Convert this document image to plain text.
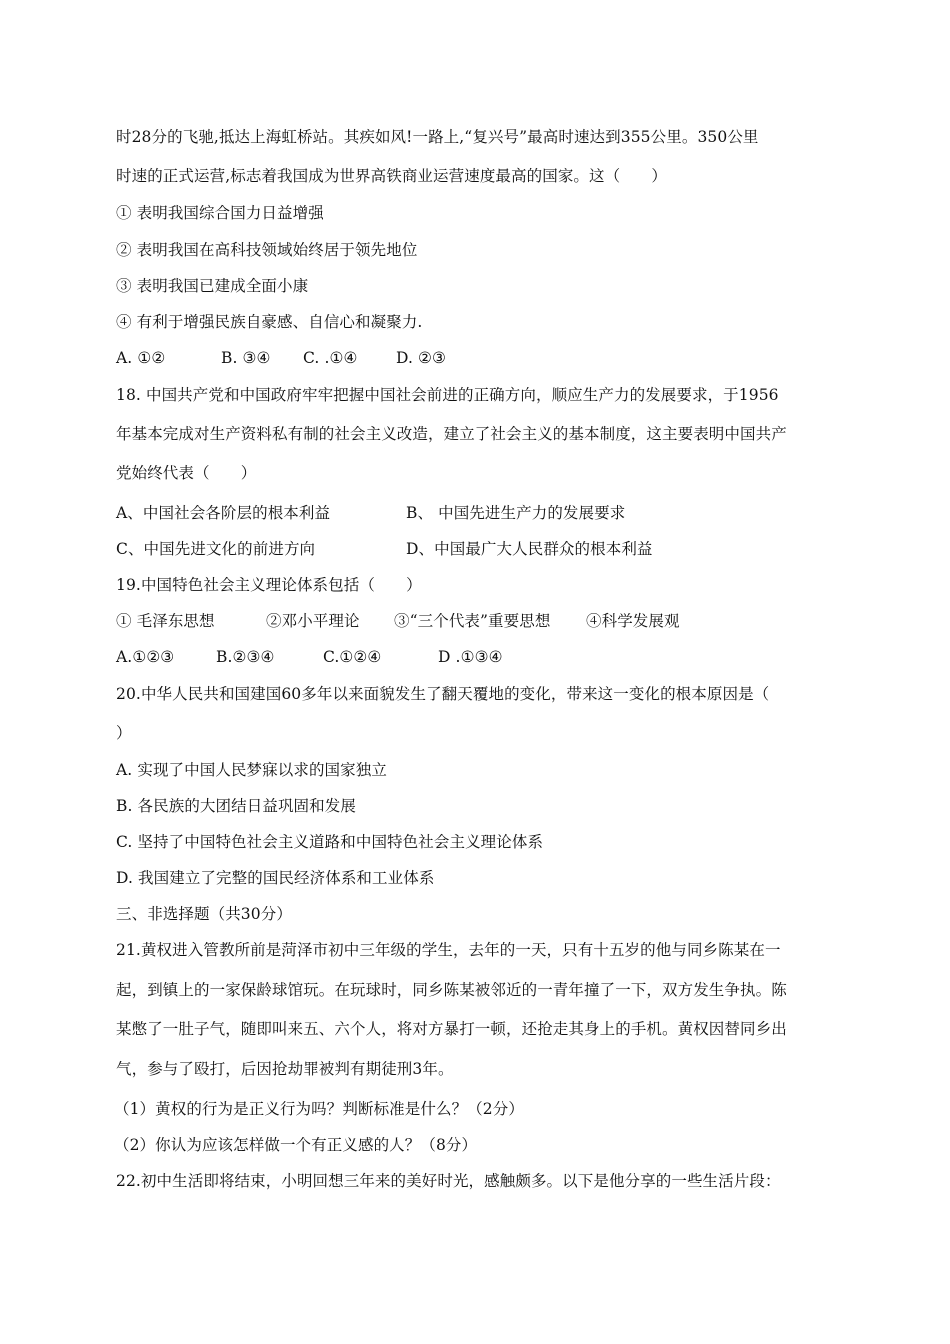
时28分的飞驰,抵达上海虹桥站。其疾如风!一路上,“复兴号”最高时速达到355公里。350公里
时速的正式运营,标志着我国成为世界高铁商业运营速度最高的国家。这（　　）
① 表明我国综合国力日益增强
② 表明我国在高科技领域始终居于领先地位
③ 表明我国已建成全面小康
④ 有利于增强民族自豪感、自信心和凝聚力.
A. ①②	B. ③④	C. .①④	D. ②③
18. 中国共产党和中国政府牢牢把握中国社会前进的正确方向，顺应生产力的发展要求，于1956
年基本完成对生产资料私有制的社会主义改造，建立了社会主义的基本制度，这主要表明中国共产
党始终代表（　　）
A、中国社会各阶层的根本利益	B、 中国先进生产力的发展要求
C、中国先进文化的前进方向	D、中国最广大人民群众的根本利益
19.中国特色社会主义理论体系包括（　　）
① 毛泽东思想	②邓小平理论	③“三个代表”重要思想	④科学发展观
A.①②③	B.②③④	C.①②④	D .①③④
20.中华人民共和国建国60多年以来面貌发生了翻天覆地的变化，带来这一变化的根本原因是（
）
A. 实现了中国人民梦寐以求的国家独立
B. 各民族的大团结日益巩固和发展
C. 坚持了中国特色社会主义道路和中国特色社会主义理论体系
D. 我国建立了完整的国民经济体系和工业体系
三、非选择题（共30分）
21.黄权进入管教所前是菏泽市初中三年级的学生，去年的一天，只有十五岁的他与同乡陈某在一
起，到镇上的一家保龄球馆玩。在玩球时，同乡陈某被邻近的一青年撞了一下，双方发生争执。陈
某憋了一肚子气，随即叫来五、六个人，将对方暴打一顿，还抢走其身上的手机。黄权因替同乡出
气，参与了殴打，后因抢劫罪被判有期徒刑3年。
（1）黄权的行为是正义行为吗？判断标准是什么？（2分）
（2）你认为应该怎样做一个有正义感的人？（8分）
22.初中生活即将结束，小明回想三年来的美好时光，感触颇多。以下是他分享的一些生活片段：
